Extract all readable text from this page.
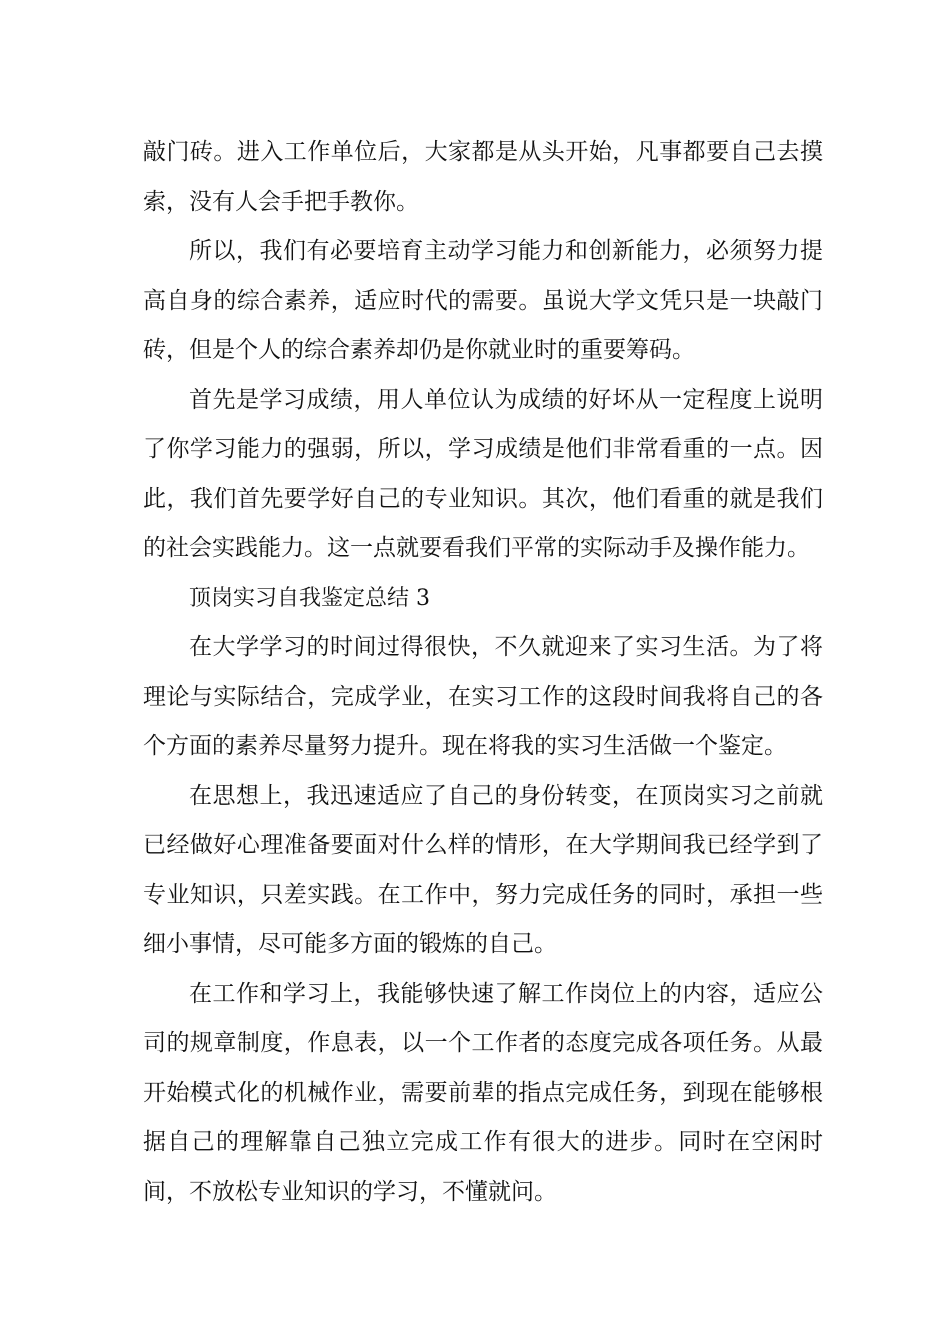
敲门砖。进入工作单位后，大家都是从头开始，凡事都要自己去摸索，没有人会手把手教你。

所以，我们有必要培育主动学习能力和创新能力，必须努力提高自身的综合素养，适应时代的需要。虽说大学文凭只是一块敲门砖，但是个人的综合素养却仍是你就业时的重要筹码。

首先是学习成绩，用人单位认为成绩的好坏从一定程度上说明了你学习能力的强弱，所以，学习成绩是他们非常看重的一点。因此，我们首先要学好自己的专业知识。其次，他们看重的就是我们的社会实践能力。这一点就要看我们平常的实际动手及操作能力。

顶岗实习自我鉴定总结 3

在大学学习的时间过得很快，不久就迎来了实习生活。为了将理论与实际结合，完成学业，在实习工作的这段时间我将自己的各个方面的素养尽量努力提升。现在将我的实习生活做一个鉴定。

在思想上，我迅速适应了自己的身份转变，在顶岗实习之前就已经做好心理准备要面对什么样的情形，在大学期间我已经学到了专业知识，只差实践。在工作中，努力完成任务的同时，承担一些细小事情，尽可能多方面的锻炼的自己。

在工作和学习上，我能够快速了解工作岗位上的内容，适应公司的规章制度，作息表，以一个工作者的态度完成各项任务。从最开始模式化的机械作业，需要前辈的指点完成任务，到现在能够根据自己的理解靠自己独立完成工作有很大的进步。同时在空闲时间，不放松专业知识的学习，不懂就问。
